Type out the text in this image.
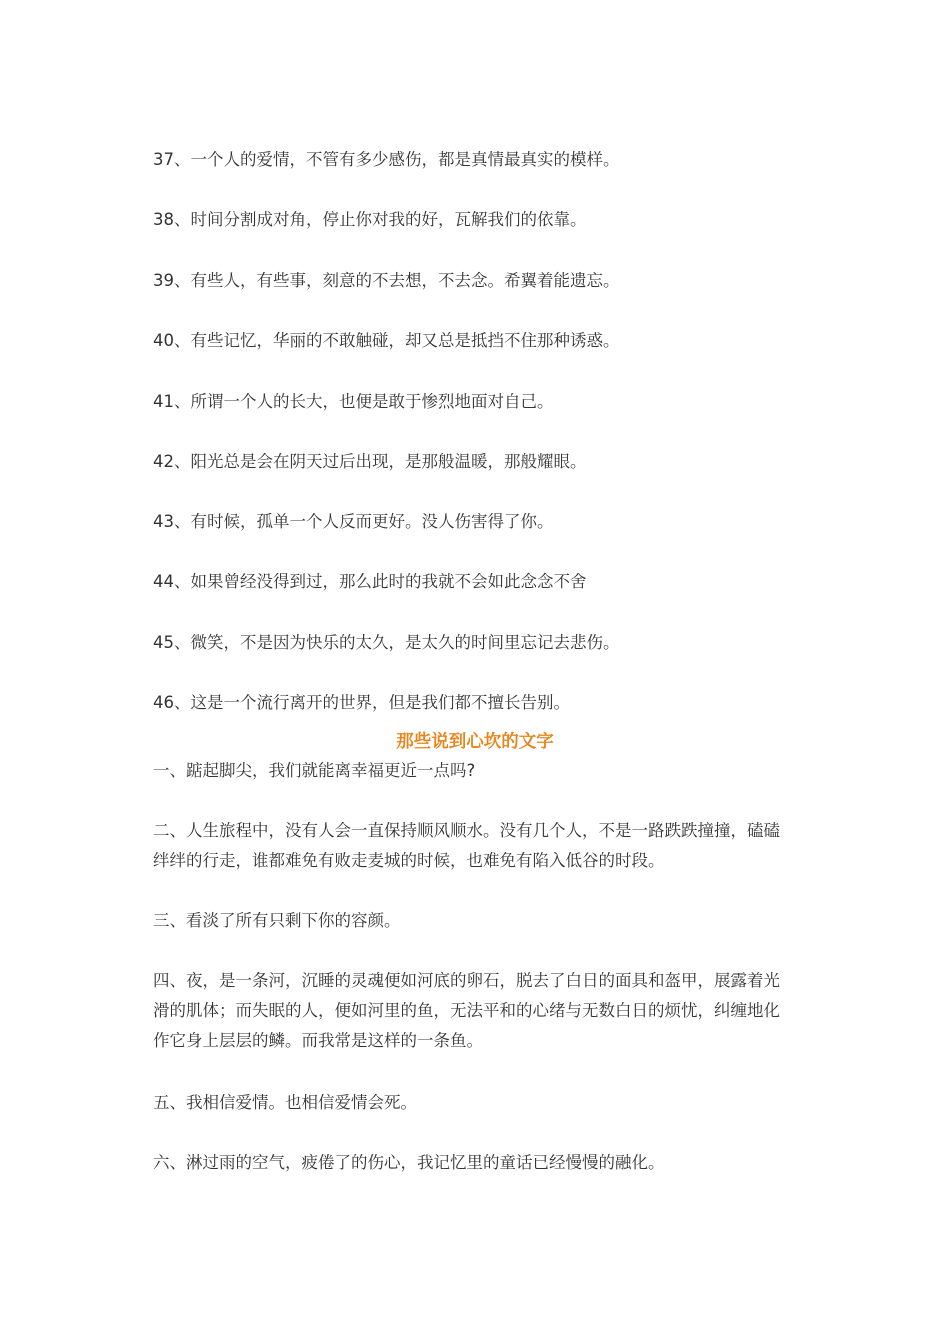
37、一个人的爱情，不管有多少感伤，都是真情最真实的模样。

38、时间分割成对角，停止你对我的好，瓦解我们的依靠。

39、有些人，有些事，刻意的不去想，不去念。希翼着能遗忘。

40、有些记忆，华丽的不敢触碰，却又总是抵挡不住那种诱惑。

41、所谓一个人的长大，也便是敢于惨烈地面对自己。

42、阳光总是会在阴天过后出现，是那般温暖，那般耀眼。

43、有时候，孤单一个人反而更好。没人伤害得了你。

44、如果曾经没得到过，那么此时的我就不会如此念念不舍

45、微笑，不是因为快乐的太久，是太久的时间里忘记去悲伤。

46、这是一个流行离开的世界，但是我们都不擅长告别。

那些说到心坎的文字

一、踮起脚尖，我们就能离幸福更近一点吗?

二、人生旅程中，没有人会一直保持顺风顺水。没有几个人，不是一路跌跌撞撞，磕磕绊绊的行走，谁都难免有败走麦城的时候，也难免有陷入低谷的时段。

三、看淡了所有只剩下你的容颜。

四、夜，是一条河，沉睡的灵魂便如河底的卵石，脱去了白日的面具和盔甲，展露着光滑的肌体；而失眠的人，便如河里的鱼，无法平和的心绪与无数白日的烦忧，纠缠地化作它身上层层的鳞。而我常是这样的一条鱼。

五、我相信爱情。也相信爱情会死。

六、淋过雨的空气，疲倦了的伤心，我记忆里的童话已经慢慢的融化。
